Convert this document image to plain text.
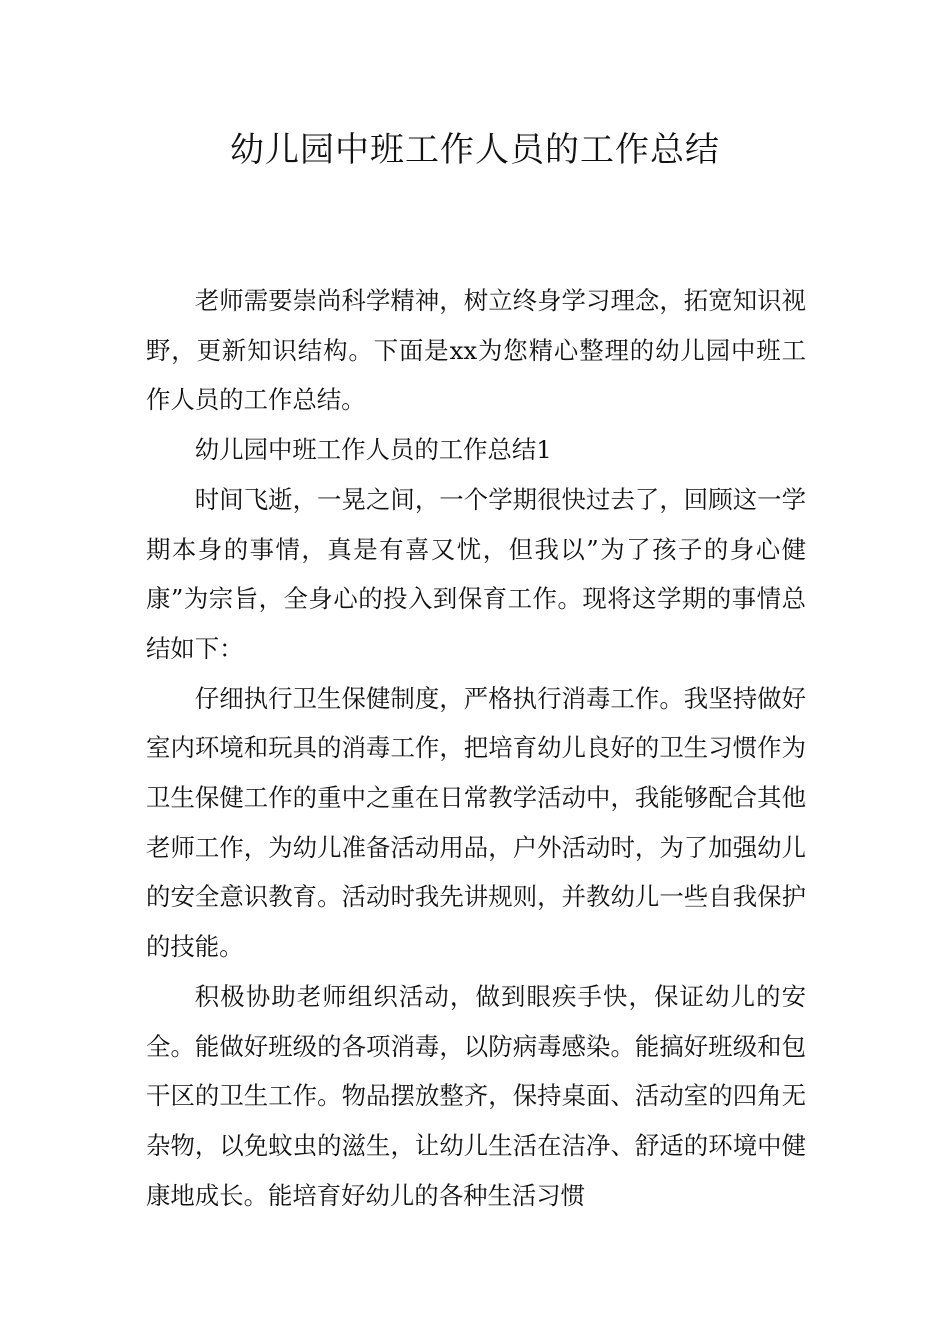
幼儿园中班工作人员的工作总结

老师需要崇尚科学精神，树立终身学习理念，拓宽知识视野，更新知识结构。下面是xx为您精心整理的幼儿园中班工作人员的工作总结。

幼儿园中班工作人员的工作总结1

时间飞逝，一晃之间，一个学期很快过去了，回顾这一学期本身的事情，真是有喜又忧，但我以”为了孩子的身心健康”为宗旨，全身心的投入到保育工作。现将这学期的事情总结如下：

仔细执行卫生保健制度，严格执行消毒工作。我坚持做好室内环境和玩具的消毒工作，把培育幼儿良好的卫生习惯作为卫生保健工作的重中之重在日常教学活动中，我能够配合其他老师工作，为幼儿准备活动用品，户外活动时，为了加强幼儿的安全意识教育。活动时我先讲规则，并教幼儿一些自我保护的技能。

积极协助老师组织活动，做到眼疾手快，保证幼儿的安全。能做好班级的各项消毒，以防病毒感染。能搞好班级和包干区的卫生工作。物品摆放整齐，保持桌面、活动室的四角无杂物，以免蚊虫的滋生，让幼儿生活在洁净、舒适的环境中健康地成长。能培育好幼儿的各种生活习惯
